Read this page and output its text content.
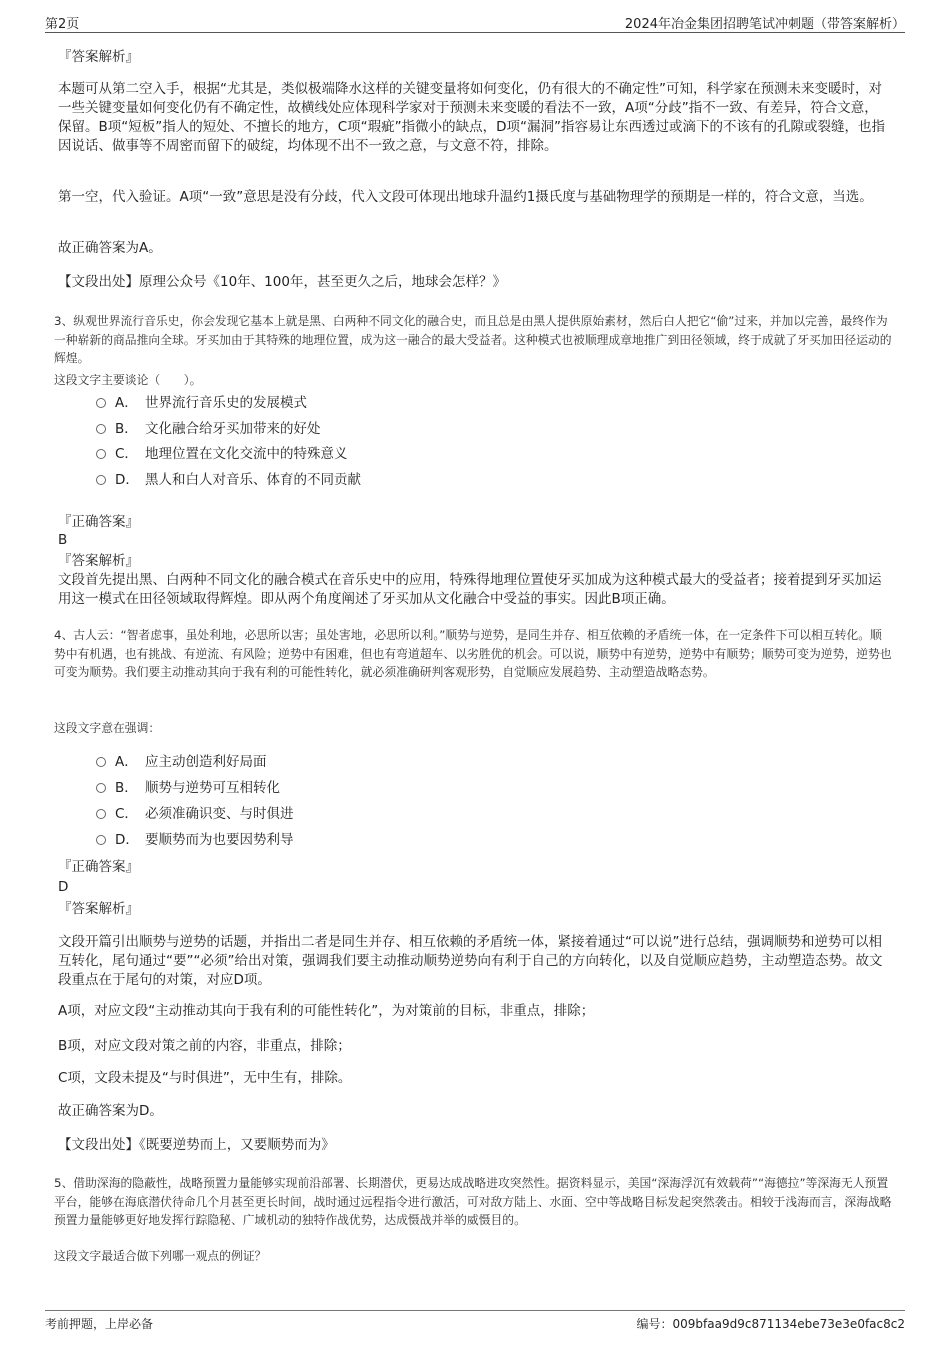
第2页	2024年冶金集团招聘笔试冲刺题（带答案解析）

『答案解析』

本题可从第二空入手，根据“尤其是，类似极端降水这样的关键变量将如何变化，仍有很大的不确定性”可知，科学家在预测未来变暖时，对一些关键变量如何变化仍有不确定性，故横线处应体现科学家对于预测未来变暖的看法不一致，A项“分歧”指不一致、有差异，符合文意，保留。B项“短板”指人的短处、不擅长的地方，C项“瑕疵”指微小的缺点，D项“漏洞”指容易让东西透过或滴下的不该有的孔隙或裂缝，也指因说话、做事等不周密而留下的破绽，均体现不出不一致之意，与文意不符，排除。

第一空，代入验证。A项“一致”意思是没有分歧，代入文段可体现出地球升温约1摄氏度与基础物理学的预期是一样的，符合文意，当选。

故正确答案为A。

【文段出处】原理公众号《10年、100年，甚至更久之后，地球会怎样？》

3、纵观世界流行音乐史，你会发现它基本上就是黑、白两种不同文化的融合史，而且总是由黑人提供原始素材，然后白人把它“偷”过来，并加以完善，最终作为一种崭新的商品推向全球。牙买加由于其特殊的地理位置，成为这一融合的最大受益者。这种模式也被顺理成章地推广到田径领域，终于成就了牙买加田径运动的辉煌。

这段文字主要谈论（　　）。

A． 世界流行音乐史的发展模式
B． 文化融合给牙买加带来的好处
C． 地理位置在文化交流中的特殊意义
D． 黑人和白人对音乐、体育的不同贡献

『正确答案』

B

『答案解析』

文段首先提出黑、白两种不同文化的融合模式在音乐史中的应用，特殊得地理位置使牙买加成为这种模式最大的受益者；接着提到牙买加运用这一模式在田径领域取得辉煌。即从两个角度阐述了牙买加从文化融合中受益的事实。因此B项正确。

4、古人云：“智者虑事，虽处利地，必思所以害；虽处害地，必思所以利。”顺势与逆势，是同生并存、相互依赖的矛盾统一体，在一定条件下可以相互转化。顺势中有机遇，也有挑战、有逆流、有风险；逆势中有困难，但也有弯道超车、以劣胜优的机会。可以说，顺势中有逆势，逆势中有顺势；顺势可变为逆势，逆势也可变为顺势。我们要主动推动其向于我有利的可能性转化，就必须准确研判客观形势，自觉顺应发展趋势、主动塑造战略态势。

这段文字意在强调：

A． 应主动创造利好局面
B． 顺势与逆势可互相转化
C． 必须准确识变、与时俱进
D． 要顺势而为也要因势利导

『正确答案』

D

『答案解析』

文段开篇引出顺势与逆势的话题，并指出二者是同生并存、相互依赖的矛盾统一体，紧接着通过“可以说”进行总结，强调顺势和逆势可以相互转化，尾句通过“要”“必须”给出对策，强调我们要主动推动顺势逆势向有利于自己的方向转化，以及自觉顺应趋势，主动塑造态势。故文段重点在于尾句的对策，对应D项。

A项，对应文段“主动推动其向于我有利的可能性转化”，为对策前的目标，非重点，排除；

B项，对应文段对策之前的内容，非重点，排除；

C项，文段未提及“与时俱进”，无中生有，排除。

故正确答案为D。

【文段出处】《既要逆势而上，又要顺势而为》

5、借助深海的隐蔽性，战略预置力量能够实现前沿部署、长期潜伏，更易达成战略进攻突然性。据资料显示，美国“深海浮沉有效载荷”“海德拉”等深海无人预置平台，能够在海底潜伏待命几个月甚至更长时间，战时通过远程指令进行激活，可对敌方陆上、水面、空中等战略目标发起突然袭击。相较于浅海而言，深海战略预置力量能够更好地发挥行踪隐秘、广域机动的独特作战优势，达成慑战并举的威慑目的。

这段文字最适合做下列哪一观点的例证？

考前押题，上岸必备	编号：009bfaa9d9c871134ebe73e3e0fac8c2
